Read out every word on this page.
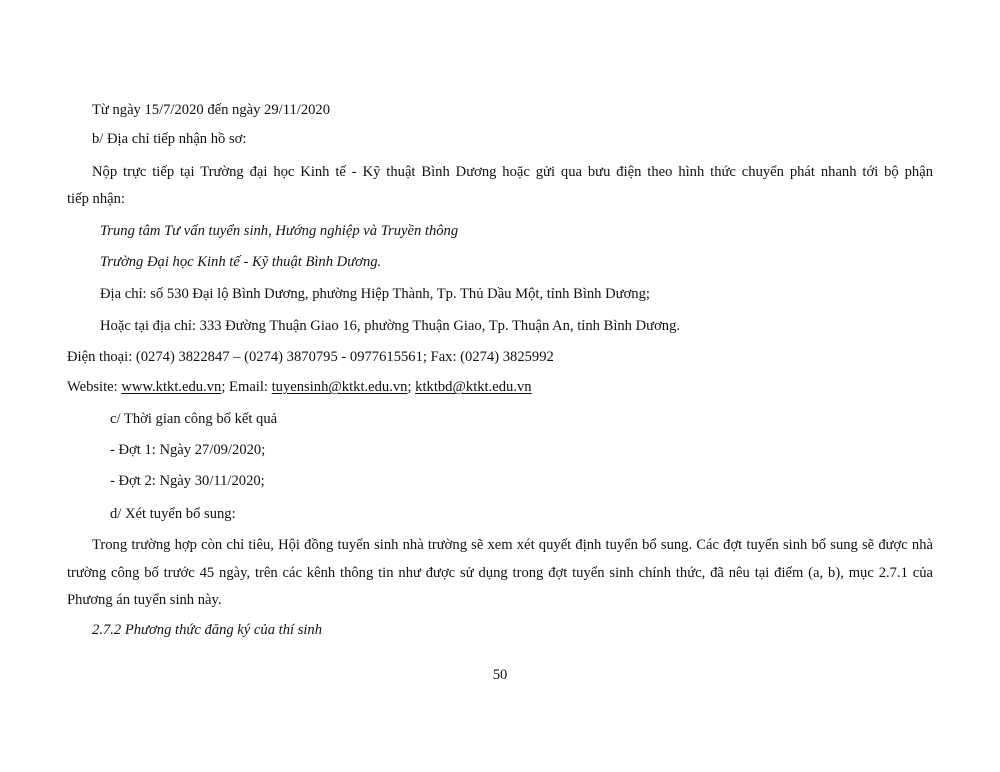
Từ ngày 15/7/2020 đến ngày 29/11/2020
b/ Địa chỉ tiếp nhận hồ sơ:
Nộp trực tiếp tại Trường đại học Kinh tế - Kỹ thuật Bình Dương hoặc gửi qua bưu điện theo hình thức chuyển phát nhanh tới bộ phận
tiếp nhận:
Trung tâm Tư vấn tuyển sinh, Hướng nghiệp và Truyền thông
Trường Đại học Kinh tế - Kỹ thuật Bình Dương.
Địa chỉ: số 530 Đại lộ Bình Dương, phường Hiệp Thành, Tp. Thủ Dầu Một, tỉnh Bình Dương;
Hoặc tại địa chỉ: 333 Đường Thuận Giao 16, phường Thuận Giao, Tp. Thuận An, tỉnh Bình Dương.
Điện thoại: (0274) 3822847 – (0274) 3870795 - 0977615561; Fax: (0274) 3825992
Website: www.ktkt.edu.vn; Email: tuyensinh@ktkt.edu.vn; ktktbd@ktkt.edu.vn
c/ Thời gian công bố kết quả
- Đợt 1: Ngày 27/09/2020;
- Đợt 2: Ngày 30/11/2020;
d/ Xét tuyển bổ sung:
Trong trường hợp còn chỉ tiêu, Hội đồng tuyển sinh nhà trường sẽ xem xét quyết định tuyển bổ sung. Các đợt tuyển sinh bổ sung sẽ được nhà trường công bố trước 45 ngày, trên các kênh thông tin như được sử dụng trong đợt tuyển sinh chính thức, đã nêu tại điểm (a, b), mục 2.7.1 của Phương án tuyển sinh này.
2.7.2 Phương thức đăng ký của thí sinh
50
